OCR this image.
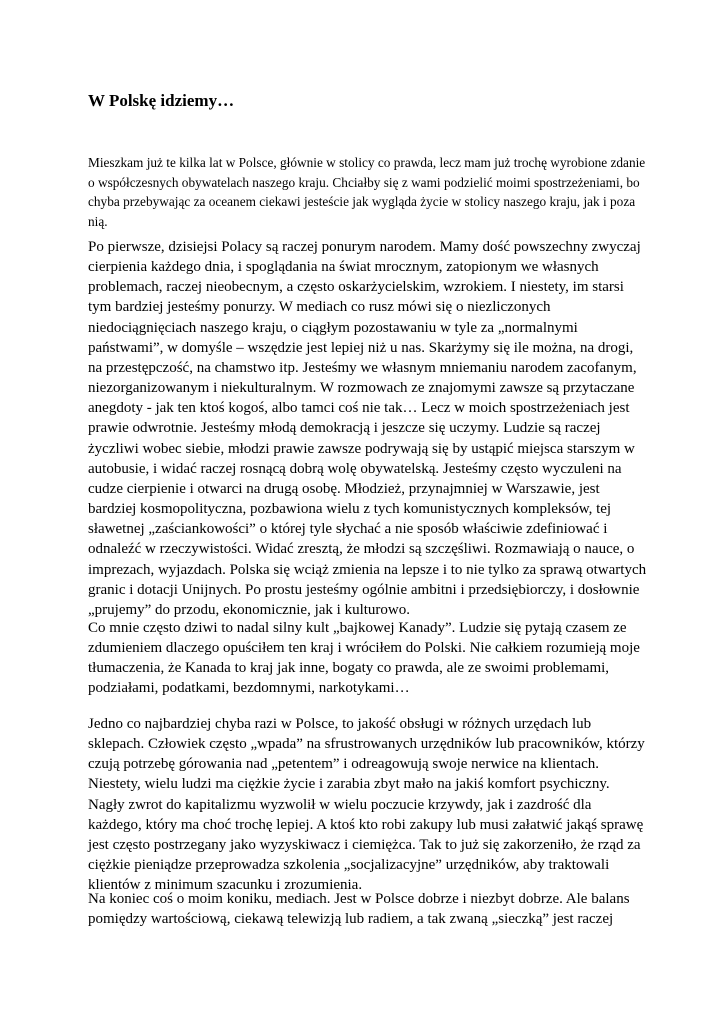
W Polskę idziemy…

Mieszkam już te kilka lat w Polsce, głównie w stolicy co prawda, lecz mam już trochę wyrobione zdanie o współczesnych obywatelach naszego kraju. Chciałby się z wami podzielić moimi spostrzeżeniami, bo chyba przebywając za oceanem ciekawi jesteście jak wygląda życie w stolicy naszego kraju, jak i poza nią.

Po pierwsze, dzisiejsi Polacy są raczej ponurym narodem. Mamy dość powszechny zwyczaj cierpienia każdego dnia, i spoglądania na świat mrocznym, zatopionym we własnych problemach, raczej nieobecnym, a często oskarżycielskim, wzrokiem. I niestety, im starsi tym bardziej jesteśmy ponurzy. W mediach co rusz mówi się o niezliczonych niedociągnięciach naszego kraju, o ciągłym pozostawaniu w tyle za „normalnymi państwami”, w domyśle – wszędzie jest lepiej niż u nas. Skarżymy się ile można, na drogi, na przestępczość, na chamstwo itp. Jesteśmy we własnym mniemaniu narodem zacofanym, niezorganizowanym i niekulturalnym. W rozmowach ze znajomymi zawsze są przytaczane anegdoty - jak ten ktoś kogoś, albo tamci coś nie tak… Lecz w moich spostrzeżeniach jest prawie odwrotnie. Jesteśmy młodą demokracją i jeszcze się uczymy. Ludzie są raczej życzliwi wobec siebie, młodzi prawie zawsze podrywają się by ustąpić miejsca starszym w autobusie, i widać raczej rosnącą dobrą wolę obywatelską. Jesteśmy często wyczuleni na cudze cierpienie i otwarci na drugą osobę. Młodzież, przynajmniej w Warszawie, jest bardziej kosmopolityczna, pozbawiona wielu z tych komunistycznych kompleksów, tej sławetnej „zaściankowości” o której tyle słychać a nie sposób właściwie zdefiniować i odnaleźć w rzeczywistości. Widać zresztą, że młodzi są szczęśliwi. Rozmawiają o nauce, o imprezach, wyjazdach. Polska się wciąż zmienia na lepsze i to nie tylko za sprawą otwartych granic i dotacji Unijnych. Po prostu jesteśmy ogólnie ambitni i przedsiębiorczy, i dosłownie „prujemy” do przodu, ekonomicznie, jak i kulturowo.

Co mnie często dziwi to nadal silny kult „bajkowej Kanady”. Ludzie się pytają czasem ze zdumieniem dlaczego opuściłem ten kraj i wróciłem do Polski. Nie całkiem rozumieją moje tłumaczenia, że Kanada to kraj jak inne, bogaty co prawda, ale ze swoimi problemami, podziałami, podatkami, bezdomnymi, narkotykami…

Jedno co najbardziej chyba razi w Polsce, to jakość obsługi w różnych urzędach lub sklepach. Człowiek często „wpada” na sfrustrowanych urzędników lub pracowników, którzy czują potrzebę górowania nad „petentem” i odreagowują swoje nerwice na klientach. Niestety, wielu ludzi ma ciężkie życie i zarabia zbyt mało na jakiś komfort psychiczny. Nagły zwrot do kapitalizmu wyzwolił w wielu poczucie krzywdy, jak i zazdrość dla każdego, który ma choć trochę lepiej. A ktoś kto robi zakupy lub musi załatwić jakąś sprawę jest często postrzegany jako wyzyskiwacz i ciemiężca. Tak to już się zakorzeniło, że rząd za ciężkie pieniądze przeprowadza szkolenia „socjalizacyjne” urzędników, aby traktowali klientów z minimum szacunku i zrozumienia.

Na koniec coś o moim koniku, mediach. Jest w Polsce dobrze i niezbyt dobrze. Ale balans pomiędzy wartościową, ciekawą telewizją lub radiem, a tak zwaną „sieczką” jest raczej
